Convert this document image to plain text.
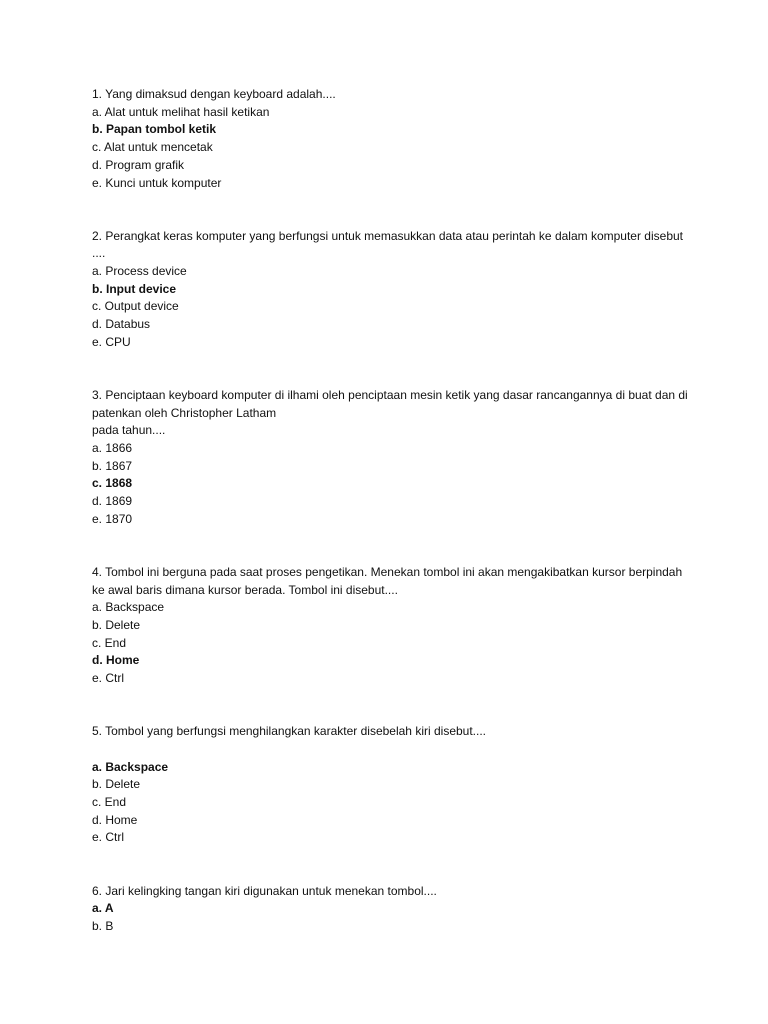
1. Yang dimaksud dengan keyboard adalah....
a. Alat untuk melihat hasil ketikan
b. Papan tombol ketik
c. Alat untuk mencetak
d. Program grafik
e. Kunci untuk komputer
2. Perangkat keras komputer yang berfungsi untuk memasukkan data atau perintah ke dalam komputer disebut
....
a. Process device
b. Input device
c. Output device
d. Databus
e. CPU
3. Penciptaan keyboard komputer di ilhami oleh penciptaan mesin ketik yang dasar rancangannya di buat dan di
patenkan oleh Christopher Latham
pada tahun....
a. 1866
b. 1867
c. 1868
d. 1869
e. 1870
4. Tombol ini berguna pada saat proses pengetikan. Menekan tombol ini akan mengakibatkan kursor berpindah
ke awal baris dimana kursor berada. Tombol ini disebut....
a. Backspace
b. Delete
c. End
d. Home
e. Ctrl
5. Tombol yang berfungsi menghilangkan karakter disebelah kiri disebut....
a. Backspace
b. Delete
c. End
d. Home
e. Ctrl
6. Jari kelingking tangan kiri digunakan untuk menekan tombol....
a. A
b. B
